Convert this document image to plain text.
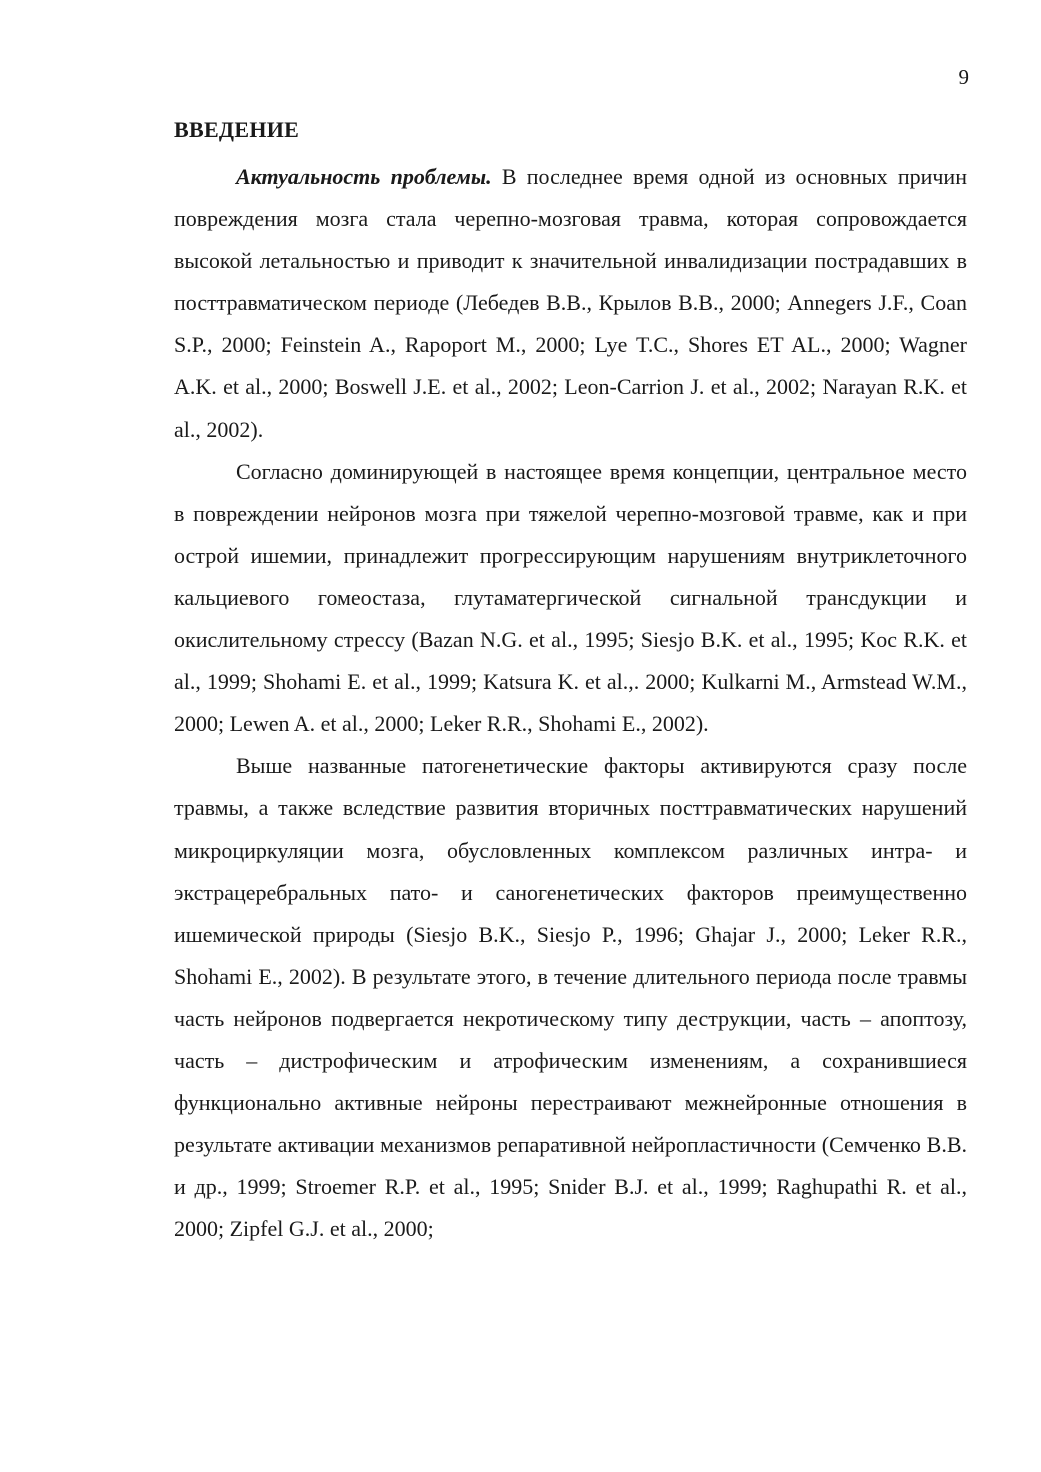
9
ВВЕДЕНИЕ

Актуальность проблемы. В последнее время одной из основных причин повреждения мозга стала черепно-мозговая травма, которая сопровождается высокой летальностью и приводит к значительной инвалидизации пострадавших в посттравматическом периоде (Лебедев В.В., Крылов В.В., 2000; Annegers J.F., Coan S.P., 2000; Feinstein A., Rapoport M., 2000; Lye T.C., Shores ET AL., 2000; Wagner A.K. et al., 2000; Boswell J.E. et al., 2002; Leon-Carrion J. et al., 2002; Narayan R.K. et al., 2002).

Согласно доминирующей в настоящее время концепции, центральное место в повреждении нейронов мозга при тяжелой черепно-мозговой травме, как и при острой ишемии, принадлежит прогрессирующим нарушениям внутриклеточного кальциевого гомеостаза, глутаматергической сигнальной трансдукции и окислительному стрессу (Bazan N.G. et al., 1995; Siesjo B.K. et al., 1995; Koc R.K. et al., 1999; Shohami E. et al., 1999; Katsura K. et al.,. 2000; Kulkarni M., Armstead W.M., 2000; Lewen A. et al., 2000; Leker R.R., Shohami E., 2002).

Выше названные патогенетические факторы активируются сразу после травмы, а также вследствие развития вторичных посттравматических нарушений микроциркуляции мозга, обусловленных комплексом различных интра- и экстрацеребральных пато- и саногенетических факторов преимущественно ишемической природы (Siesjo B.K., Siesjo P., 1996; Ghajar J., 2000; Leker R.R., Shohami E., 2002). В результате этого, в течение длительного периода после травмы часть нейронов подвергается некротическому типу деструкции, часть – апоптозу, часть – дистрофическим и атрофическим изменениям, а сохранившиеся функционально активные нейроны перестраивают межнейронные отношения в результате активации механизмов репаративной нейропластичности (Семченко В.В. и др., 1999; Stroemer R.P. et al., 1995; Snider B.J. et al., 1999; Raghupathi R. et al., 2000; Zipfel G.J. et al., 2000;
